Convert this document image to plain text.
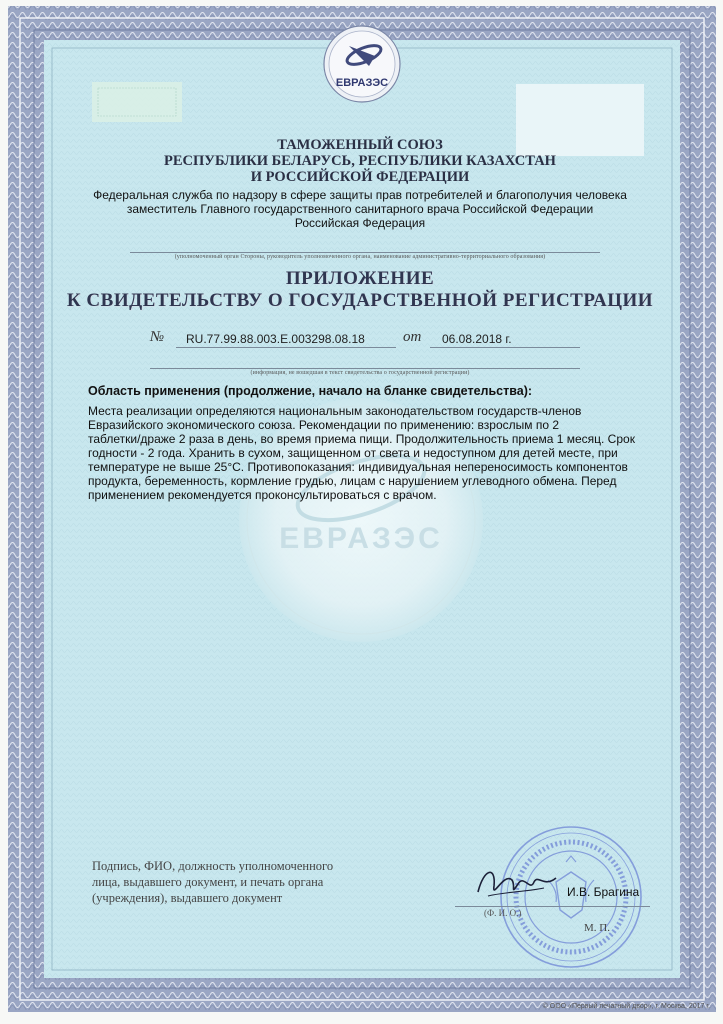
ЕВРАЗЭС
ЕВРАЗЭС
ТАМОЖЕННЫЙ СОЮЗ
РЕСПУБЛИКИ БЕЛАРУСЬ, РЕСПУБЛИКИ КАЗАХСТАН
И РОССИЙСКОЙ ФЕДЕРАЦИИ
Федеральная служба по надзору в сфере защиты прав потребителей и благополучия человека
заместитель Главного государственного санитарного врача Российской Федерации
Российская Федерация
(уполномоченный орган Стороны, руководитель уполномоченного органа, наименование административно-территориального образования)
ПРИЛОЖЕНИЕ
К СВИДЕТЕЛЬСТВУ О ГОСУДАРСТВЕННОЙ РЕГИСТРАЦИИ
№ RU.77.99.88.003.E.003298.08.18	от 06.08.2018 г.
(информация, не вошедшая в текст свидетельства о государственной регистрации)
Область применения (продолжение, начало на бланке свидетельства):
Места реализации определяются национальным законодательством государств-членов
Евразийского экономического союза. Рекомендации по применению: взрослым по 2
таблетки/драже 2 раза в день, во время приема пищи. Продолжительность приема 1 месяц. Срок
годности - 2 года. Хранить в сухом, защищенном от света и недоступном для детей месте, при
температуре не выше 25°С. Противопоказания: индивидуальная непереносимость компонентов
продукта, беременность, кормление грудью, лицам с нарушением углеводного обмена. Перед
применением рекомендуется проконсультироваться с врачом.
Подпись, ФИО, должность уполномоченного
лица, выдавшего документ, и печать органа
(учреждения), выдавшего документ	И.В. Брагина
(Ф. И. О.)
М. П.
© ООО «Первый печатный двор», г. Москва, 2017 г.
